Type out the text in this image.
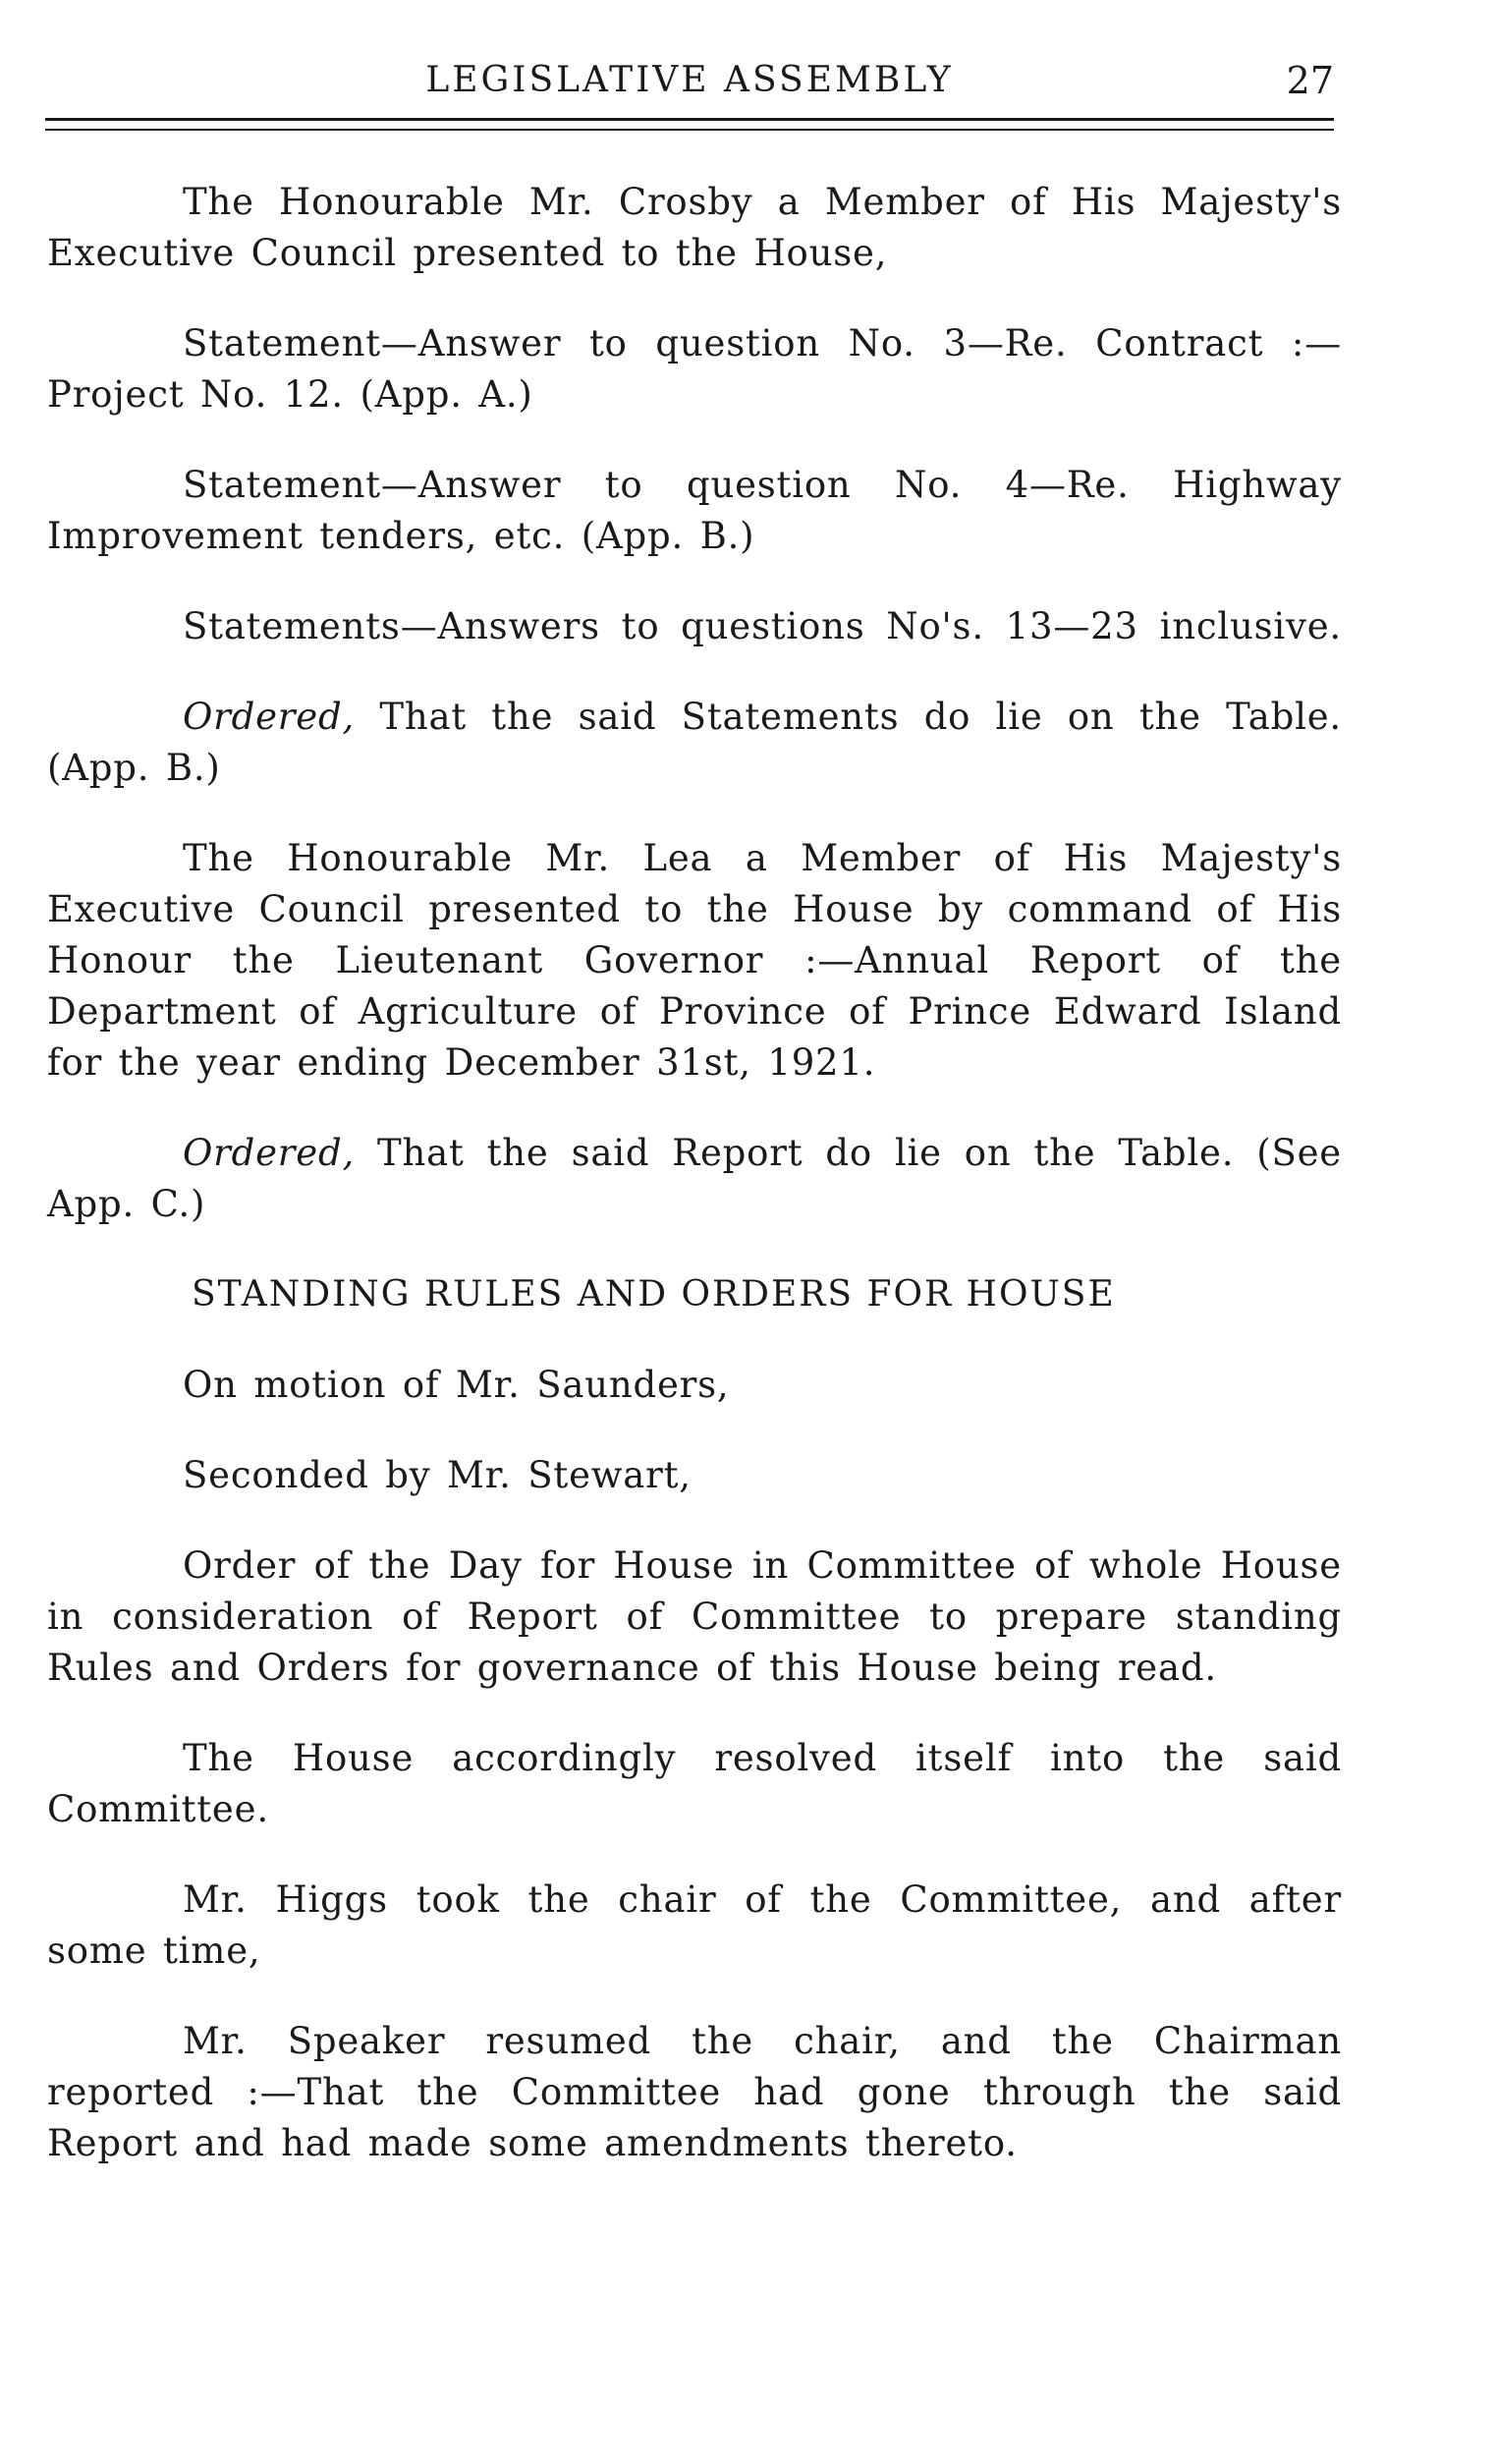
LEGISLATIVE ASSEMBLY	27

The Honourable Mr. Crosby a Member of His Majesty's Executive Council presented to the House,

Statement—Answer to question No. 3—Re. Contract :— Project No. 12. (App. A.)

Statement—Answer to question No. 4—Re. Highway Improvement tenders, etc. (App. B.)

Statements—Answers to questions No's. 13—23 inclusive.

Ordered, That the said Statements do lie on the Table. (App. B.)

The Honourable Mr. Lea a Member of His Majesty's Executive Council presented to the House by command of His Honour the Lieutenant Governor :—Annual Report of the Department of Agriculture of Province of Prince Edward Island for the year ending December 31st, 1921.

Ordered, That the said Report do lie on the Table. (See App. C.)

STANDING RULES AND ORDERS FOR HOUSE

On motion of Mr. Saunders,

Seconded by Mr. Stewart,

Order of the Day for House in Committee of whole House in consideration of Report of Committee to prepare standing Rules and Orders for governance of this House being read.

The House accordingly resolved itself into the said Committee.

Mr. Higgs took the chair of the Committee, and after some time,

Mr. Speaker resumed the chair, and the Chairman reported :—That the Committee had gone through the said Report and had made some amendments thereto.
